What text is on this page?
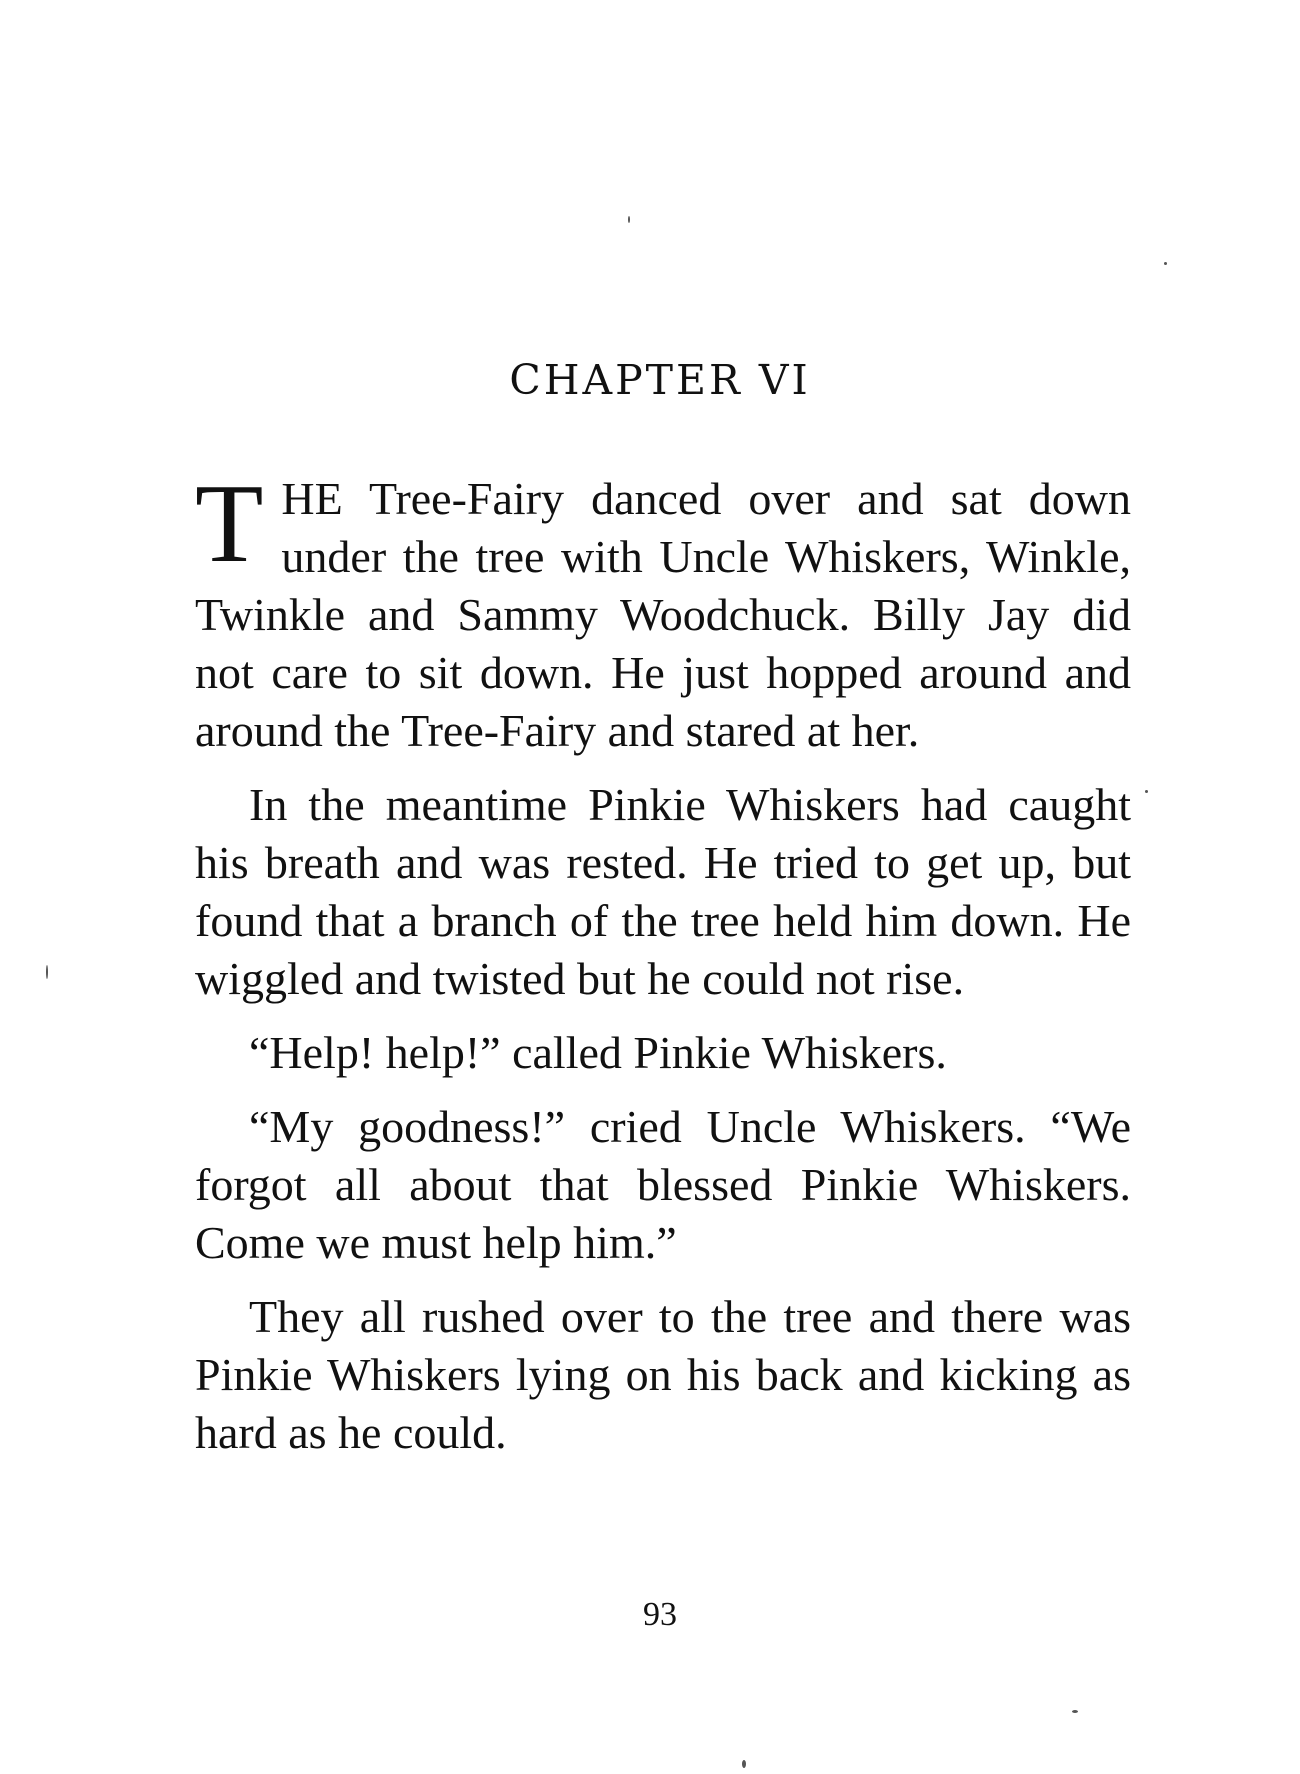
CHAPTER VI

T HE Tree-Fairy danced over and sat down under the tree with Uncle Whiskers, Winkle, Twinkle and Sammy Woodchuck. Billy Jay did not care to sit down. He just hopped around and around the Tree-Fairy and stared at her.

In the meantime Pinkie Whiskers had caught his breath and was rested. He tried to get up, but found that a branch of the tree held him down. He wiggled and twisted but he could not rise.

“Help! help!” called Pinkie Whiskers.

“My goodness!” cried Uncle Whiskers. “We forgot all about that blessed Pinkie Whiskers. Come we must help him.”

They all rushed over to the tree and there was Pinkie Whiskers lying on his back and kicking as hard as he could.

93
